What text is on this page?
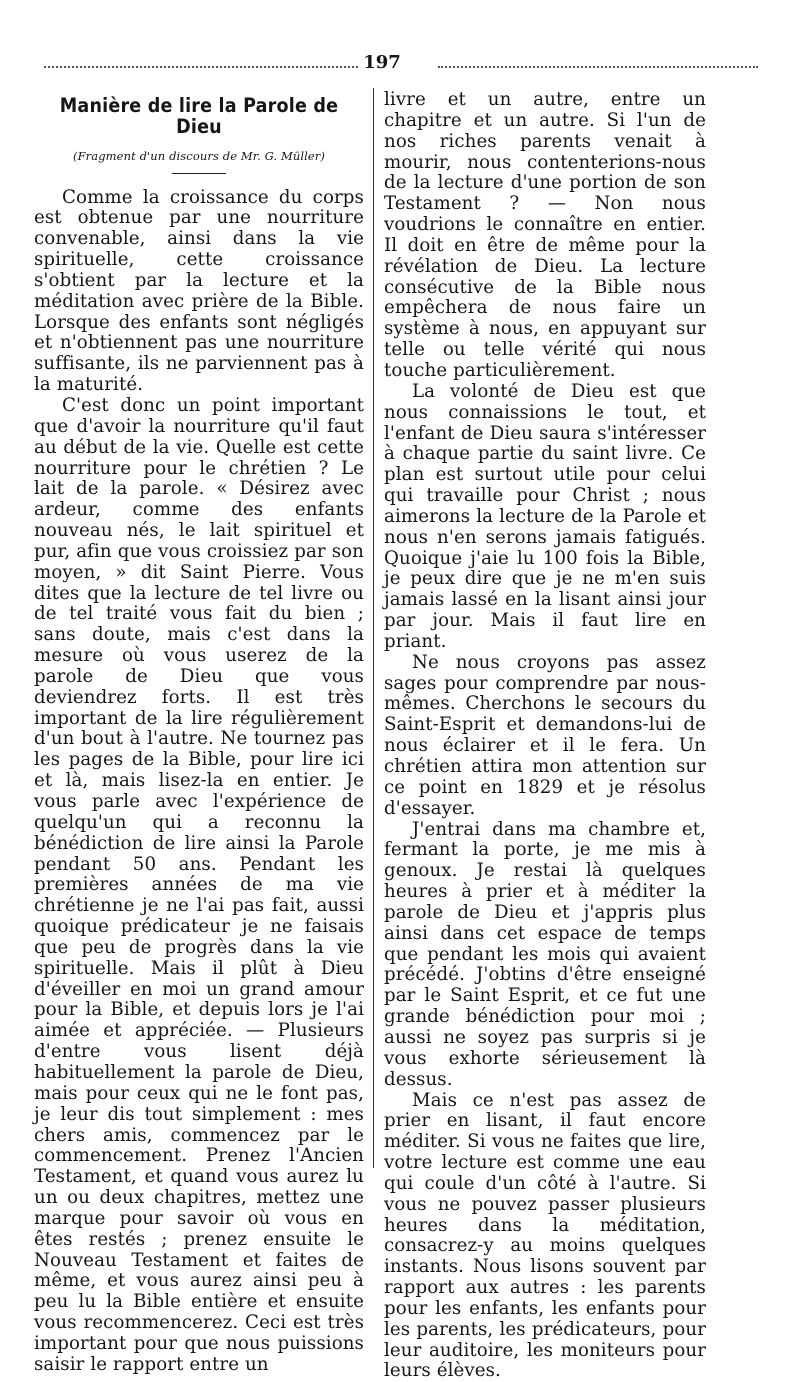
197
Manière de lire la Parole de Dieu
(Fragment d'un discours de Mr. G. Müller)

Comme la croissance du corps est obtenue par une nourriture convenable, ainsi dans la vie spirituelle, cette croissance s'obtient par la lecture et la méditation avec prière de la Bible. Lorsque des enfants sont négligés et n'obtiennent pas une nourriture suffisante, ils ne parviennent pas à la maturité.

C'est donc un point important que d'avoir la nourriture qu'il faut au début de la vie. Quelle est cette nourriture pour le chrétien ? Le lait de la parole. « Désirez avec ardeur, comme des enfants nouveau nés, le lait spirituel et pur, afin que vous croissiez par son moyen, » dit Saint Pierre. Vous dites que la lecture de tel livre ou de tel traité vous fait du bien ; sans doute, mais c'est dans la mesure où vous userez de la parole de Dieu que vous deviendrez forts. Il est très important de la lire régulièrement d'un bout à l'autre. Ne tournez pas les pages de la Bible, pour lire ici et là, mais lisez-la en entier. Je vous parle avec l'expérience de quelqu'un qui a reconnu la bénédiction de lire ainsi la Parole pendant 50 ans. Pendant les premières années de ma vie chrétienne je ne l'ai pas fait, aussi quoique prédicateur je ne faisais que peu de progrès dans la vie spirituelle. Mais il plût à Dieu d'éveiller en moi un grand amour pour la Bible, et depuis lors je l'ai aimée et appréciée. — Plusieurs d'entre vous lisent déjà habituellement la parole de Dieu, mais pour ceux qui ne le font pas, je leur dis tout simplement : mes chers amis, commencez par le commencement. Prenez l'Ancien Testament, et quand vous aurez lu un ou deux chapitres, mettez une marque pour savoir où vous en êtes restés ; prenez ensuite le Nouveau Testament et faites de même, et vous aurez ainsi peu à peu lu la Bible entière et ensuite vous recommencerez. Ceci est très important pour que nous puissions saisir le rapport entre un

livre et un autre, entre un chapitre et un autre. Si l'un de nos riches parents venait à mourir, nous contenterions-nous de la lecture d'une portion de son Testament ? — Non nous voudrions le connaître en entier. Il doit en être de même pour la révélation de Dieu. La lecture consécutive de la Bible nous empêchera de nous faire un système à nous, en appuyant sur telle ou telle vérité qui nous touche particulièrement.

La volonté de Dieu est que nous connaissions le tout, et l'enfant de Dieu saura s'intéresser à chaque partie du saint livre. Ce plan est surtout utile pour celui qui travaille pour Christ ; nous aimerons la lecture de la Parole et nous n'en serons jamais fatigués. Quoique j'aie lu 100 fois la Bible, je peux dire que je ne m'en suis jamais lassé en la lisant ainsi jour par jour. Mais il faut lire en priant.

Ne nous croyons pas assez sages pour comprendre par nous-mêmes. Cherchons le secours du Saint-Esprit et demandons-lui de nous éclairer et il le fera. Un chrétien attira mon attention sur ce point en 1829 et je résolus d'essayer.

J'entrai dans ma chambre et, fermant la porte, je me mis à genoux. Je restai là quelques heures à prier et à méditer la parole de Dieu et j'appris plus ainsi dans cet espace de temps que pendant les mois qui avaient précédé. J'obtins d'être enseigné par le Saint Esprit, et ce fut une grande bénédiction pour moi ; aussi ne soyez pas surpris si je vous exhorte sérieusement là dessus.

Mais ce n'est pas assez de prier en lisant, il faut encore méditer. Si vous ne faites que lire, votre lecture est comme une eau qui coule d'un côté à l'autre. Si vous ne pouvez passer plusieurs heures dans la méditation, consacrez-y au moins quelques instants. Nous lisons souvent par rapport aux autres : les parents pour les enfants, les enfants pour les parents, les prédicateurs, pour leur auditoire, les moniteurs pour leurs élèves.
